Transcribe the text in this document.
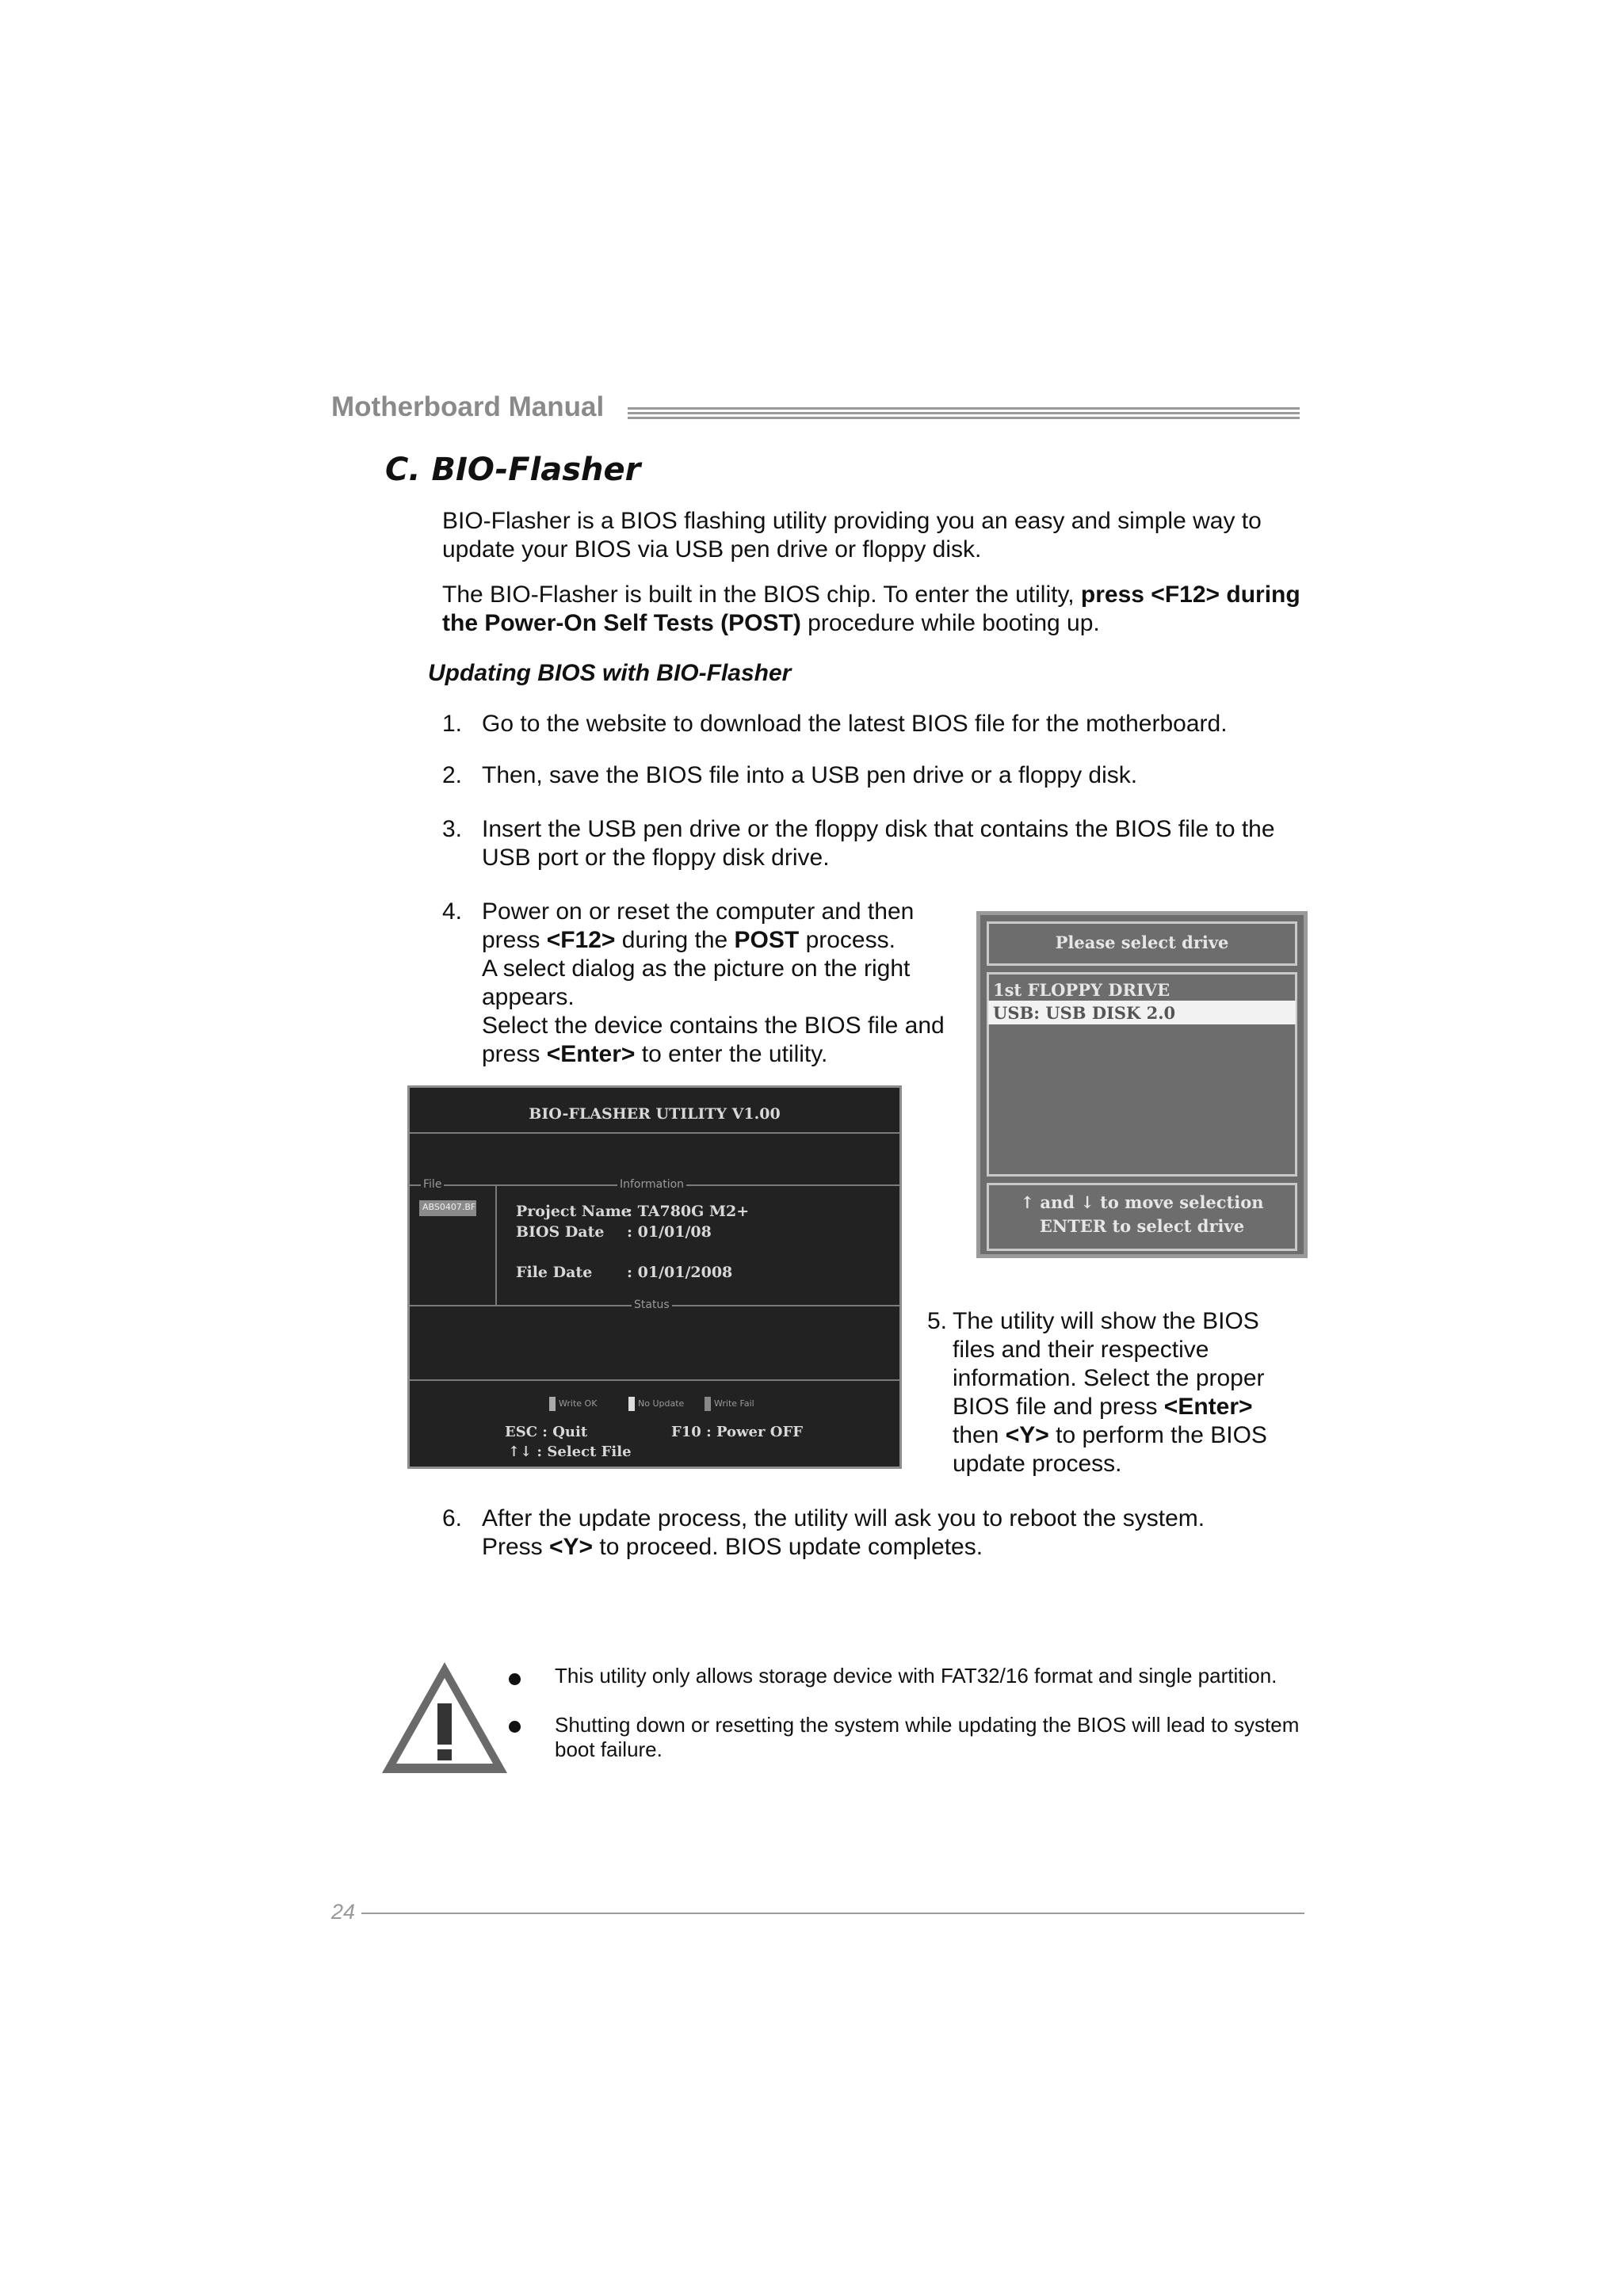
Motherboard Manual
C. BIO-Flasher
BIO-Flasher is a BIOS flashing utility providing you an easy and simple way to update your BIOS via USB pen drive or floppy disk.
The BIO-Flasher is built in the BIOS chip. To enter the utility, press <F12> during the Power-On Self Tests (POST) procedure while booting up.
Updating BIOS with BIO-Flasher
1. Go to the website to download the latest BIOS file for the motherboard.
2. Then, save the BIOS file into a USB pen drive or a floppy disk.
3. Insert the USB pen drive or the floppy disk that contains the BIOS file to the USB port or the floppy disk drive.
4. Power on or reset the computer and then
press <F12> during the POST process.
A select dialog as the picture on the right
appears.
Select the device contains the BIOS file and
press <Enter> to enter the utility.
Please select drive
1st FLOPPY DRIVE
USB: USB DISK 2.0
↑ and ↓ to move selection
ENTER to select drive
BIO-FLASHER UTILITY V1.00
File	Information
ABS0407.BF	Project Name
: TA780G M2+
BIOS Date : 01/01/08
File Date : 01/01/2008
Status
Write OK	No Update	Write Fail
ESC : Quit	F10 : Power OFF
↑↓ : Select File
5. The utility will show the BIOS
files and their respective
information. Select the proper
BIOS file and press <Enter>
then <Y> to perform the BIOS
update process.
6. After the update process, the utility will ask you to reboot the system.
Press <Y> to proceed. BIOS update completes.
This utility only allows storage device with FAT32/16 format and single partition.
Shutting down or resetting the system while updating the BIOS will lead to system boot failure.
24
